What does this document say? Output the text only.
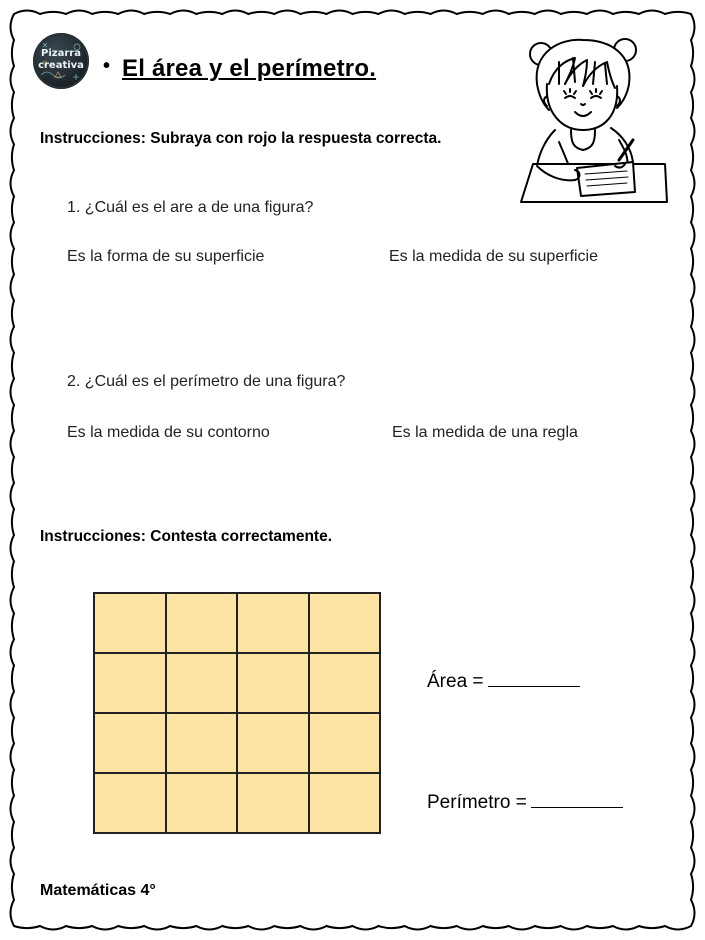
Pizarra
creativa • El área y el perímetro.
Instrucciones: Subraya con rojo la respuesta correcta.
1. ¿Cuál es el are a de una figura?
Es la forma de su superficie	Es la medida de su superficie
2. ¿Cuál es el perímetro de una figura?
Es la medida de su contorno	Es la medida de una regla
Instrucciones: Contesta correctamente.
Área =
Perímetro =
Matemáticas 4°
